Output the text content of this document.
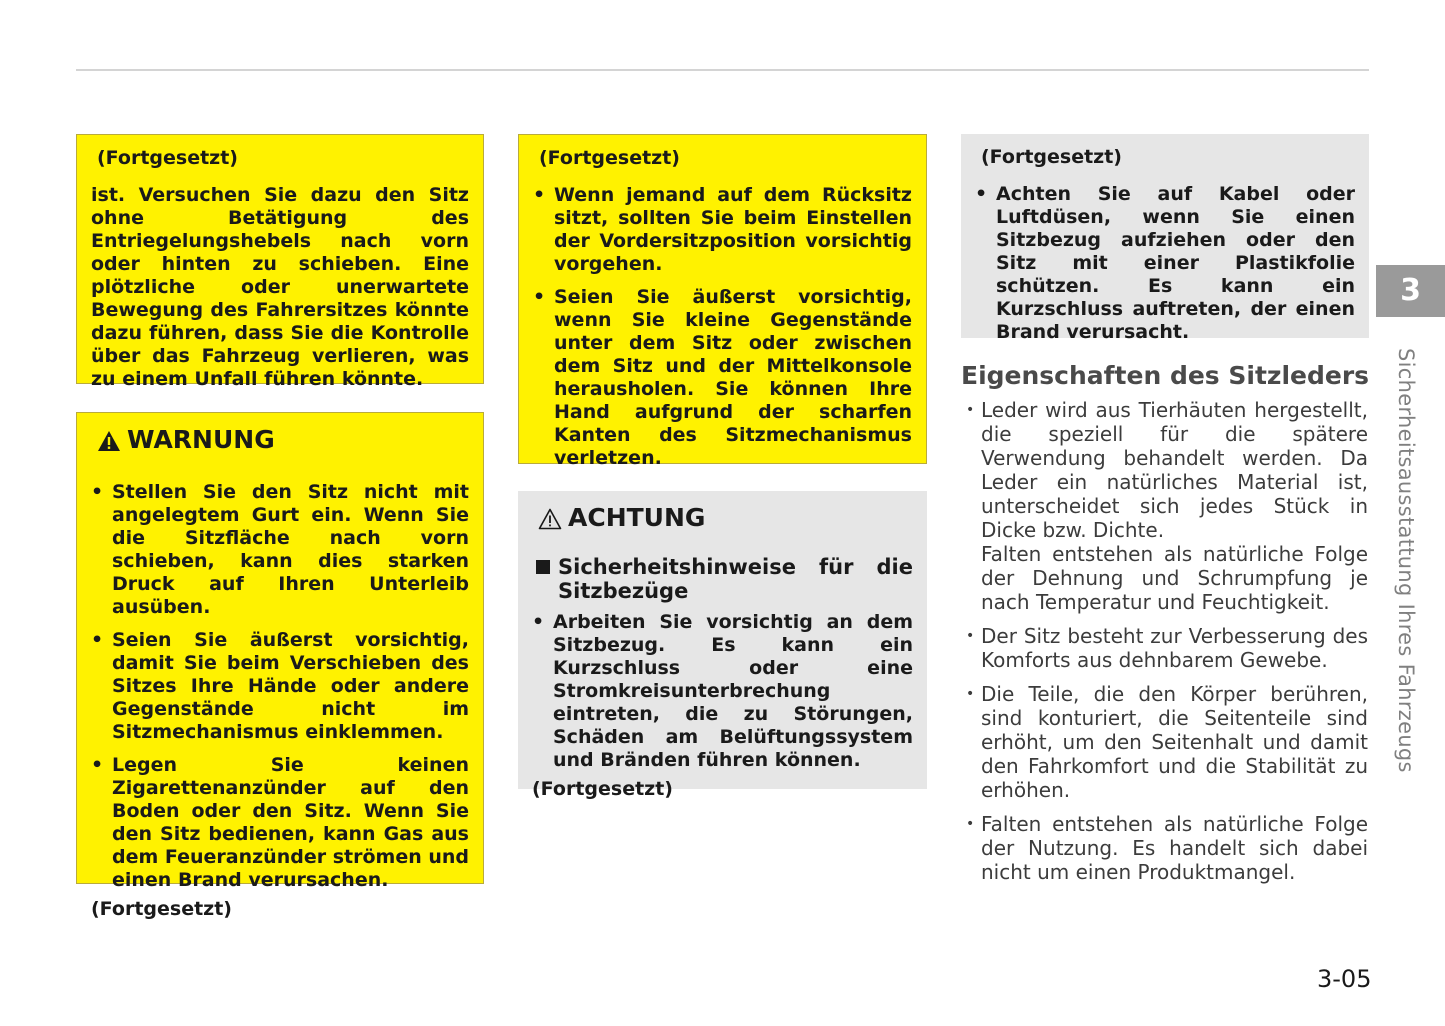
(Fortgesetzt)

ist. Versuchen Sie dazu den Sitz ohne Betätigung des Entriegelungshebels nach vorn oder hinten zu schieben. Eine plötzliche oder unerwartete Bewegung des Fahrersitzes könnte dazu führen, dass Sie die Kontrolle über das Fahrzeug verlieren, was zu einem Unfall führen könnte.

WARNUNG

• Stellen Sie den Sitz nicht mit angelegtem Gurt ein. Wenn Sie die Sitzfläche nach vorn schieben, kann dies starken Druck auf Ihren Unterleib ausüben.
• Seien Sie äußerst vorsichtig, damit Sie beim Verschieben des Sitzes Ihre Hände oder andere Gegenstände nicht im Sitzmechanismus einklemmen.
• Legen Sie keinen Zigarettenanzünder auf den Boden oder den Sitz. Wenn Sie den Sitz bedienen, kann Gas aus dem Feueranzünder strömen und einen Brand verursachen.

(Fortgesetzt)

(Fortgesetzt)

• Wenn jemand auf dem Rücksitz sitzt, sollten Sie beim Einstellen der Vordersitzposition vorsichtig vorgehen.
• Seien Sie äußerst vorsichtig, wenn Sie kleine Gegenstände unter dem Sitz oder zwischen dem Sitz und der Mittelkonsole herausholen. Sie können Ihre Hand aufgrund der scharfen Kanten des Sitzmechanismus verletzen.

ACHTUNG

Sicherheitshinweise für die Sitzbezüge
• Arbeiten Sie vorsichtig an dem Sitzbezug. Es kann ein Kurzschluss oder eine Stromkreisunterbrechung eintreten, die zu Störungen, Schäden am Belüftungssystem und Bränden führen können.

(Fortgesetzt)

(Fortgesetzt)

• Achten Sie auf Kabel oder Luftdüsen, wenn Sie einen Sitzbezug aufziehen oder den Sitz mit einer Plastikfolie schützen. Es kann ein Kurzschluss auftreten, der einen Brand verursacht.
Eigenschaften des Sitzleders

• Leder wird aus Tierhäuten hergestellt, die speziell für die spätere Verwendung behandelt werden. Da Leder ein natürliches Material ist, unterscheidet sich jedes Stück in Dicke bzw. Dichte.

Falten entstehen als natürliche Folge der Dehnung und Schrumpfung je nach Temperatur und Feuchtigkeit.

• Der Sitz besteht zur Verbesserung des Komforts aus dehnbarem Gewebe.

• Die Teile, die den Körper berühren, sind konturiert, die Seitenteile sind erhöht, um den Seitenhalt und damit den Fahrkomfort und die Stabilität zu erhöhen.

• Falten entstehen als natürliche Folge der Nutzung. Es handelt sich dabei nicht um einen Produktmangel.

3
Sicherheitsausstattung Ihres Fahrzeugs
3-05
